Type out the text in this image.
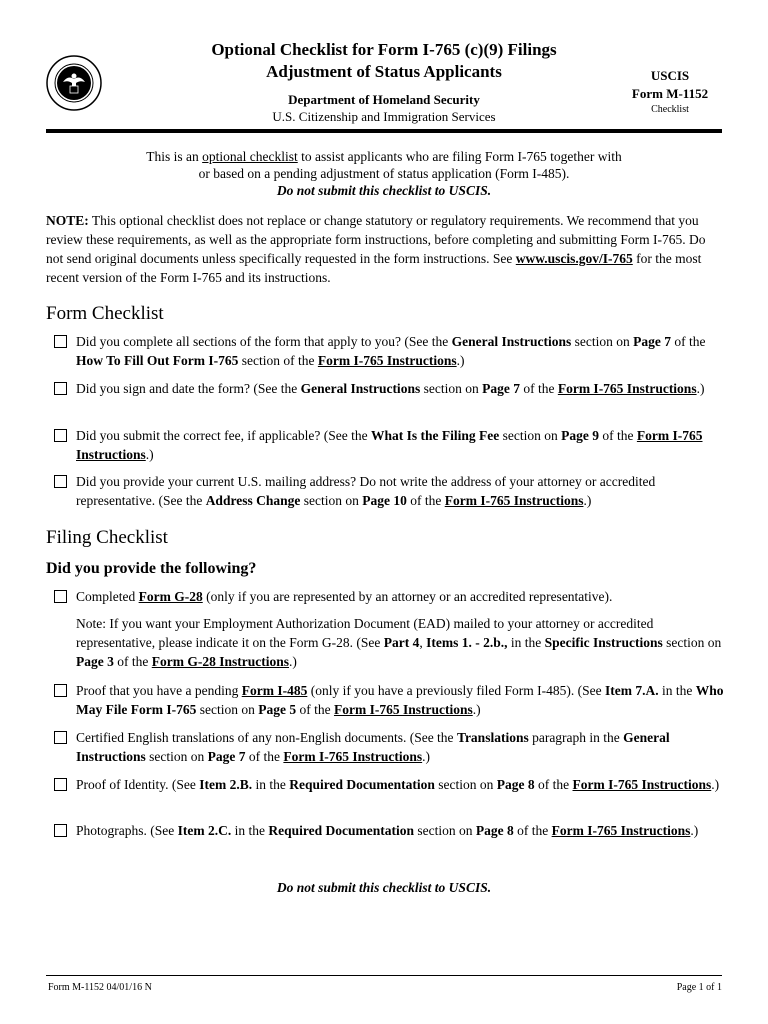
Optional Checklist for Form I-765 (c)(9) Filings
Adjustment of Status Applicants
Department of Homeland Security
U.S. Citizenship and Immigration Services
USCIS
Form M-1152
Checklist
This is an optional checklist to assist applicants who are filing Form I-765 together with
or based on a pending adjustment of status application (Form I-485).
Do not submit this checklist to USCIS.
NOTE: This optional checklist does not replace or change statutory or regulatory requirements. We recommend that you review these requirements, as well as the appropriate form instructions, before completing and submitting Form I-765. Do not send original documents unless specifically requested in the form instructions. See www.uscis.gov/I-765 for the most recent version of the Form I-765 and its instructions.
Form Checklist
Did you complete all sections of the form that apply to you? (See the General Instructions section on Page 7 of the How To Fill Out Form I-765 section of the Form I-765 Instructions.)
Did you sign and date the form? (See the General Instructions section on Page 7 of the Form I-765 Instructions.)
Did you submit the correct fee, if applicable? (See the What Is the Filing Fee section on Page 9 of the Form I-765 Instructions.)
Did you provide your current U.S. mailing address? Do not write the address of your attorney or accredited representative. (See the Address Change section on Page 10 of the Form I-765 Instructions.)
Filing Checklist
Did you provide the following?
Completed Form G-28 (only if you are represented by an attorney or an accredited representative).
Note: If you want your Employment Authorization Document (EAD) mailed to your attorney or accredited representative, please indicate it on the Form G-28. (See Part 4, Items 1. - 2.b., in the Specific Instructions section on Page 3 of the Form G-28 Instructions.)
Proof that you have a pending Form I-485 (only if you have a previously filed Form I-485). (See Item 7.A. in the Who May File Form I-765 section on Page 5 of the Form I-765 Instructions.)
Certified English translations of any non-English documents. (See the Translations paragraph in the General Instructions section on Page 7 of the Form I-765 Instructions.)
Proof of Identity. (See Item 2.B. in the Required Documentation section on Page 8 of the Form I-765 Instructions.)
Photographs. (See Item 2.C. in the Required Documentation section on Page 8 of the Form I-765 Instructions.)
Do not submit this checklist to USCIS.
Form M-1152 04/01/16 N	Page 1 of 1
